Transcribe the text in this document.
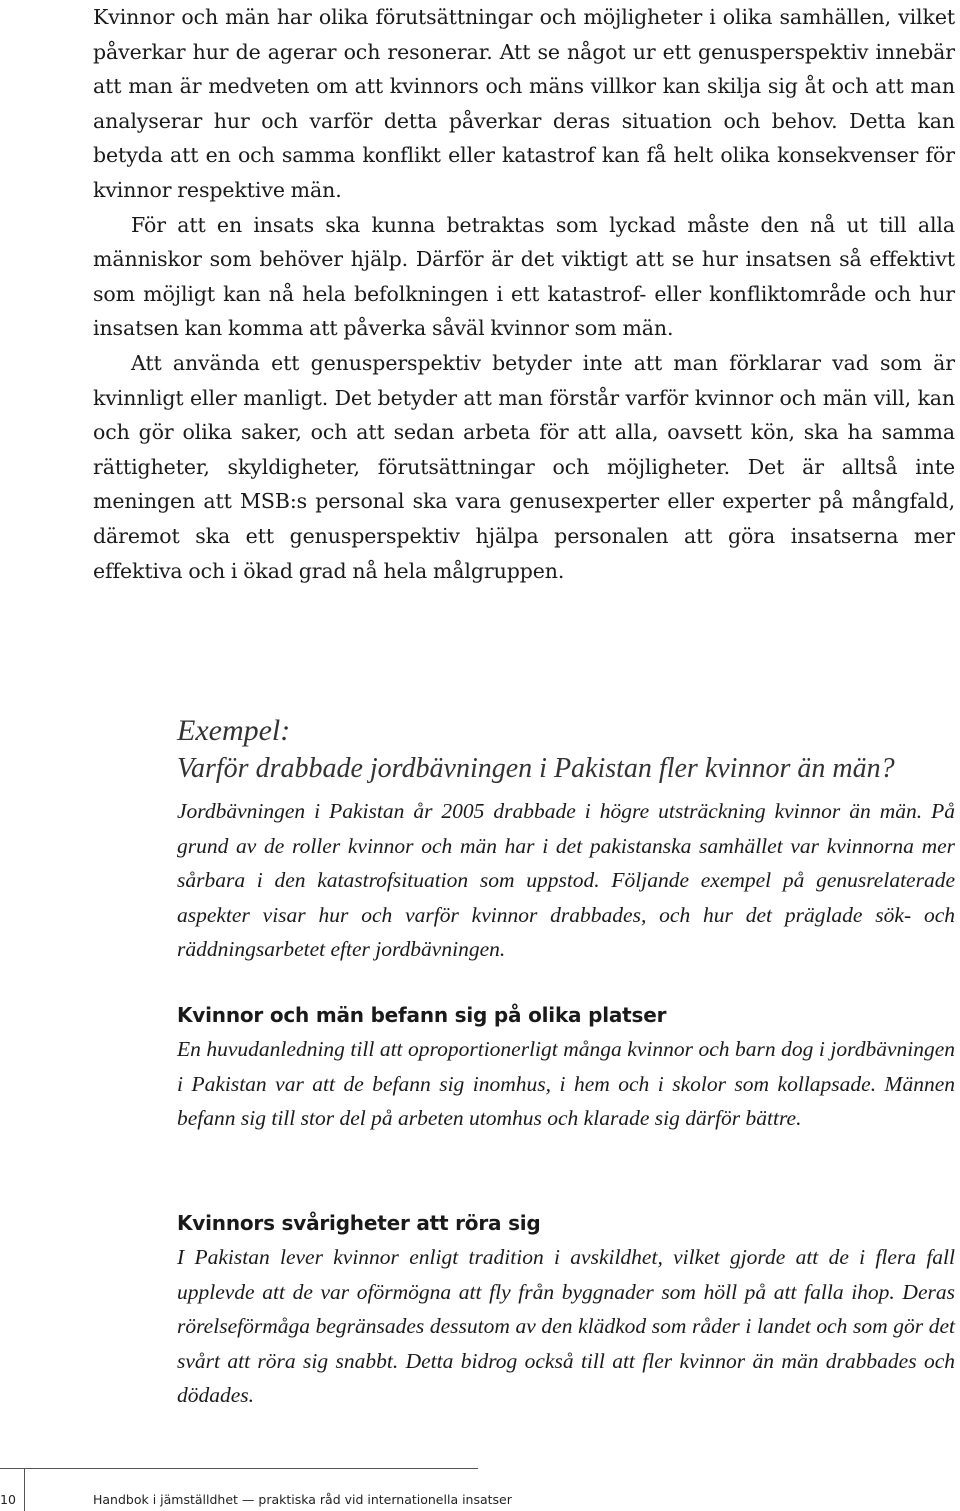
Kvinnor och män har olika förutsättningar och möjligheter i olika samhällen, vilket påverkar hur de agerar och resonerar. Att se något ur ett genusperspektiv innebär att man är medveten om att kvinnors och mäns villkor kan skilja sig åt och att man analyserar hur och varför detta påverkar deras situation och behov. Detta kan betyda att en och samma konflikt eller katastrof kan få helt olika konsekvenser för kvinnor respektive män.

För att en insats ska kunna betraktas som lyckad måste den nå ut till alla människor som behöver hjälp. Därför är det viktigt att se hur insatsen så effektivt som möjligt kan nå hela befolkningen i ett katastrof- eller konfliktområde och hur insatsen kan komma att påverka såväl kvinnor som män.

Att använda ett genusperspektiv betyder inte att man förklarar vad som är kvinnligt eller manligt. Det betyder att man förstår varför kvinnor och män vill, kan och gör olika saker, och att sedan arbeta för att alla, oavsett kön, ska ha samma rättigheter, skyldigheter, förutsättningar och möjligheter. Det är alltså inte meningen att MSB:s personal ska vara genusexperter eller experter på mångfald, däremot ska ett genusperspektiv hjälpa personalen att göra insatserna mer effektiva och i ökad grad nå hela målgruppen.

Exempel:

Varför drabbade jordbävningen i Pakistan fler kvinnor än män?

Jordbävningen i Pakistan år 2005 drabbade i högre utsträckning kvinnor än män. På grund av de roller kvinnor och män har i det pakistanska samhället var kvinnorna mer sårbara i den katastrofsituation som uppstod. Följande exempel på genusrelaterade aspekter visar hur och varför kvinnor drabbades, och hur det präglade sök- och räddningsarbetet efter jordbävningen.

Kvinnor och män befann sig på olika platser

En huvudanledning till att oproportionerligt många kvinnor och barn dog i jordbävningen i Pakistan var att de befann sig inomhus, i hem och i skolor som kollapsade. Männen befann sig till stor del på arbeten utomhus och klarade sig därför bättre.

Kvinnors svårigheter att röra sig

I Pakistan lever kvinnor enligt tradition i avskildhet, vilket gjorde att de i flera fall upplevde att de var oförmögna att fly från byggnader som höll på att falla ihop. Deras rörelseförmåga begränsades dessutom av den klädkod som råder i landet och som gör det svårt att röra sig snabbt. Detta bidrog också till att fler kvinnor än män drabbades och dödades.

10	Handbok i jämställdhet — praktiska råd vid internationella insatser
